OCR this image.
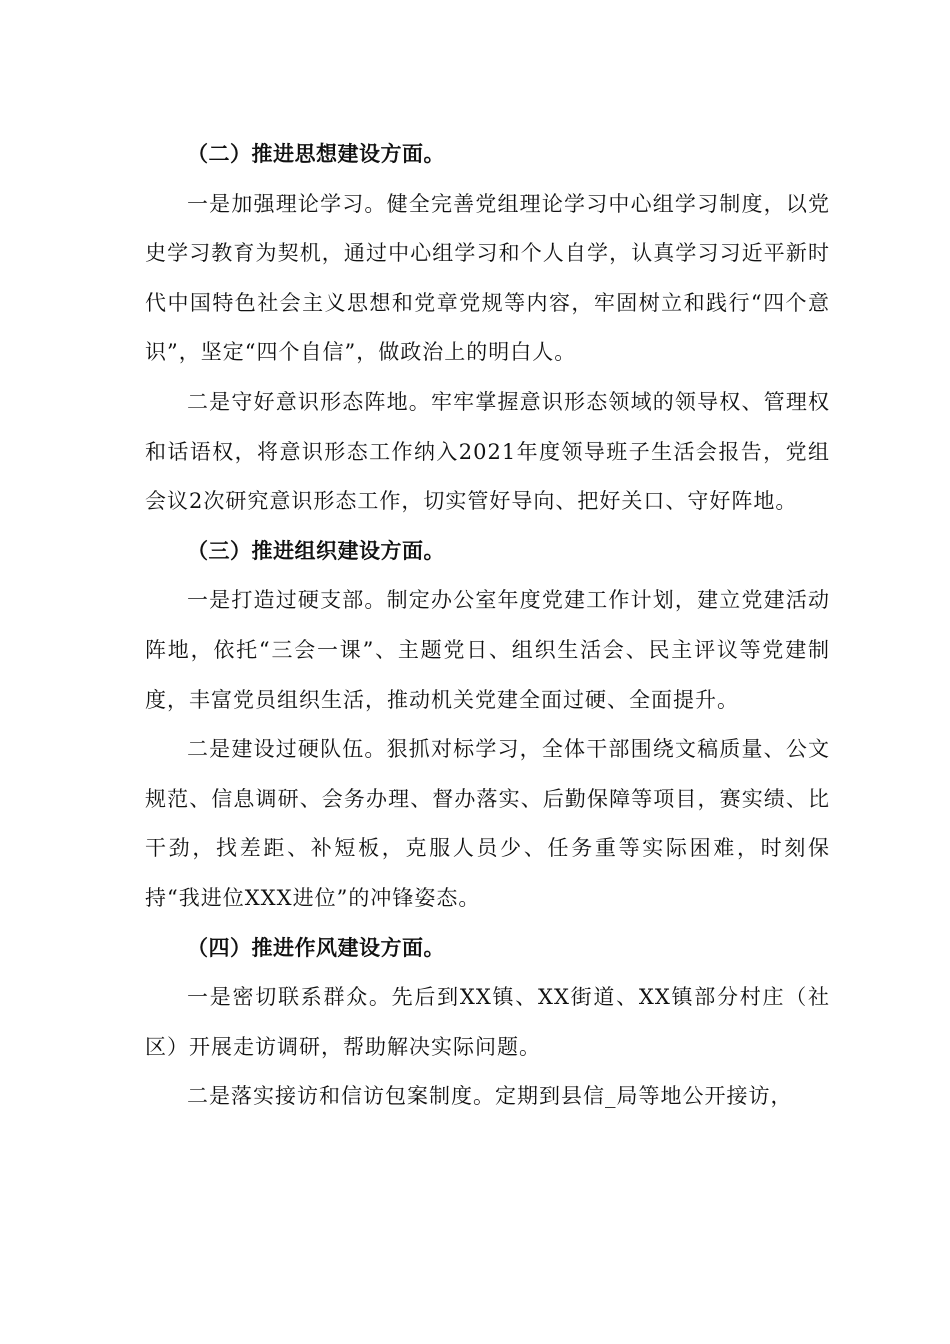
（二）推进思想建设方面。

一是加强理论学习。健全完善党组理论学习中心组学习制度，以党史学习教育为契机，通过中心组学习和个人自学，认真学习习近平新时代中国特色社会主义思想和党章党规等内容，牢固树立和践行“四个意识”，坚定“四个自信”，做政治上的明白人。

二是守好意识形态阵地。牢牢掌握意识形态领域的领导权、管理权和话语权，将意识形态工作纳入2021年度领导班子生活会报告，党组会议2次研究意识形态工作，切实管好导向、把好关口、守好阵地。

（三）推进组织建设方面。

一是打造过硬支部。制定办公室年度党建工作计划，建立党建活动阵地，依托“三会一课”、主题党日、组织生活会、民主评议等党建制度，丰富党员组织生活，推动机关党建全面过硬、全面提升。

二是建设过硬队伍。狠抓对标学习，全体干部围绕文稿质量、公文规范、信息调研、会务办理、督办落实、后勤保障等项目，赛实绩、比干劲，找差距、补短板，克服人员少、任务重等实际困难，时刻保持“我进位XXX进位”的冲锋姿态。

（四）推进作风建设方面。

一是密切联系群众。先后到XX镇、XX街道、XX镇部分村庄（社区）开展走访调研，帮助解决实际问题。

二是落实接访和信访包案制度。定期到县信_局等地公开接访，
